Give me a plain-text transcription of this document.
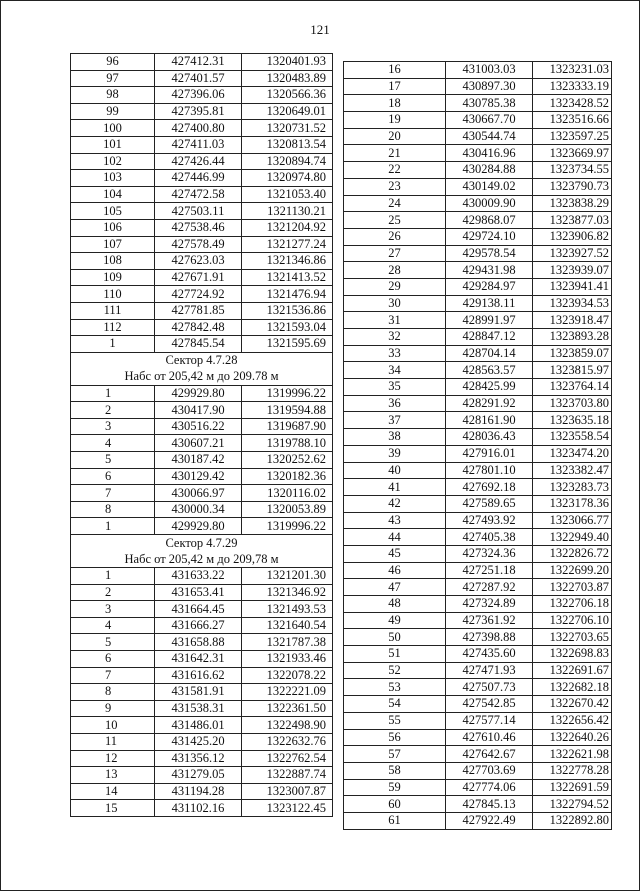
121
96	427412.31	1320401.93
97	427401.57	1320483.89
98	427396.06	1320566.36
99	427395.81	1320649.01
100	427400.80	1320731.52
101	427411.03	1320813.54
102	427426.44	1320894.74
103	427446.99	1320974.80
104	427472.58	1321053.40
105	427503.11	1321130.21
106	427538.46	1321204.92
107	427578.49	1321277.24
108	427623.03	1321346.86
109	427671.91	1321413.52
110	427724.92	1321476.94
111	427781.85	1321536.86
112	427842.48	1321593.04
1	427845.54	1321595.69
Сектор 4.7.28		
Набс от 205,42 м до 209.78 м		
1	429929.80	1319996.22
2	430417.90	1319594.88
3	430516.22	1319687.90
4	430607.21	1319788.10
5	430187.42	1320252.62
6	430129.42	1320182.36
7	430066.97	1320116.02
8	430000.34	1320053.89
1	429929.80	1319996.22
Сектор 4.7.29		
Набс от 205,42 м до 209,78 м		
1	431633.22	1321201.30
2	431653.41	1321346.92
3	431664.45	1321493.53
4	431666.27	1321640.54
5	431658.88	1321787.38
6	431642.31	1321933.46
7	431616.62	1322078.22
8	431581.91	1322221.09
9	431538.31	1322361.50
10	431486.01	1322498.90
11	431425.20	1322632.76
12	431356.12	1322762.54
13	431279.05	1322887.74
14	431194.28	1323007.87
15	431102.16	1323122.45
16	431003.03	1323231.03
17	430897.30	1323333.19
18	430785.38	1323428.52
19	430667.70	1323516.66
20	430544.74	1323597.25
21	430416.96	1323669.97
22	430284.88	1323734.55
23	430149.02	1323790.73
24	430009.90	1323838.29
25	429868.07	1323877.03
26	429724.10	1323906.82
27	429578.54	1323927.52
28	429431.98	1323939.07
29	429284.97	1323941.41
30	429138.11	1323934.53
31	428991.97	1323918.47
32	428847.12	1323893.28
33	428704.14	1323859.07
34	428563.57	1323815.97
35	428425.99	1323764.14
36	428291.92	1323703.80
37	428161.90	1323635.18
38	428036.43	1323558.54
39	427916.01	1323474.20
40	427801.10	1323382.47
41	427692.18	1323283.73
42	427589.65	1323178.36
43	427493.92	1323066.77
44	427405.38	1322949.40
45	427324.36	1322826.72
46	427251.18	1322699.20
47	427287.92	1322703.87
48	427324.89	1322706.18
49	427361.92	1322706.10
50	427398.88	1322703.65
51	427435.60	1322698.83
52	427471.93	1322691.67
53	427507.73	1322682.18
54	427542.85	1322670.42
55	427577.14	1322656.42
56	427610.46	1322640.26
57	427642.67	1322621.98
58	427703.69	1322778.28
59	427774.06	1322691.59
60	427845.13	1322794.52
61	427922.49	1322892.80
